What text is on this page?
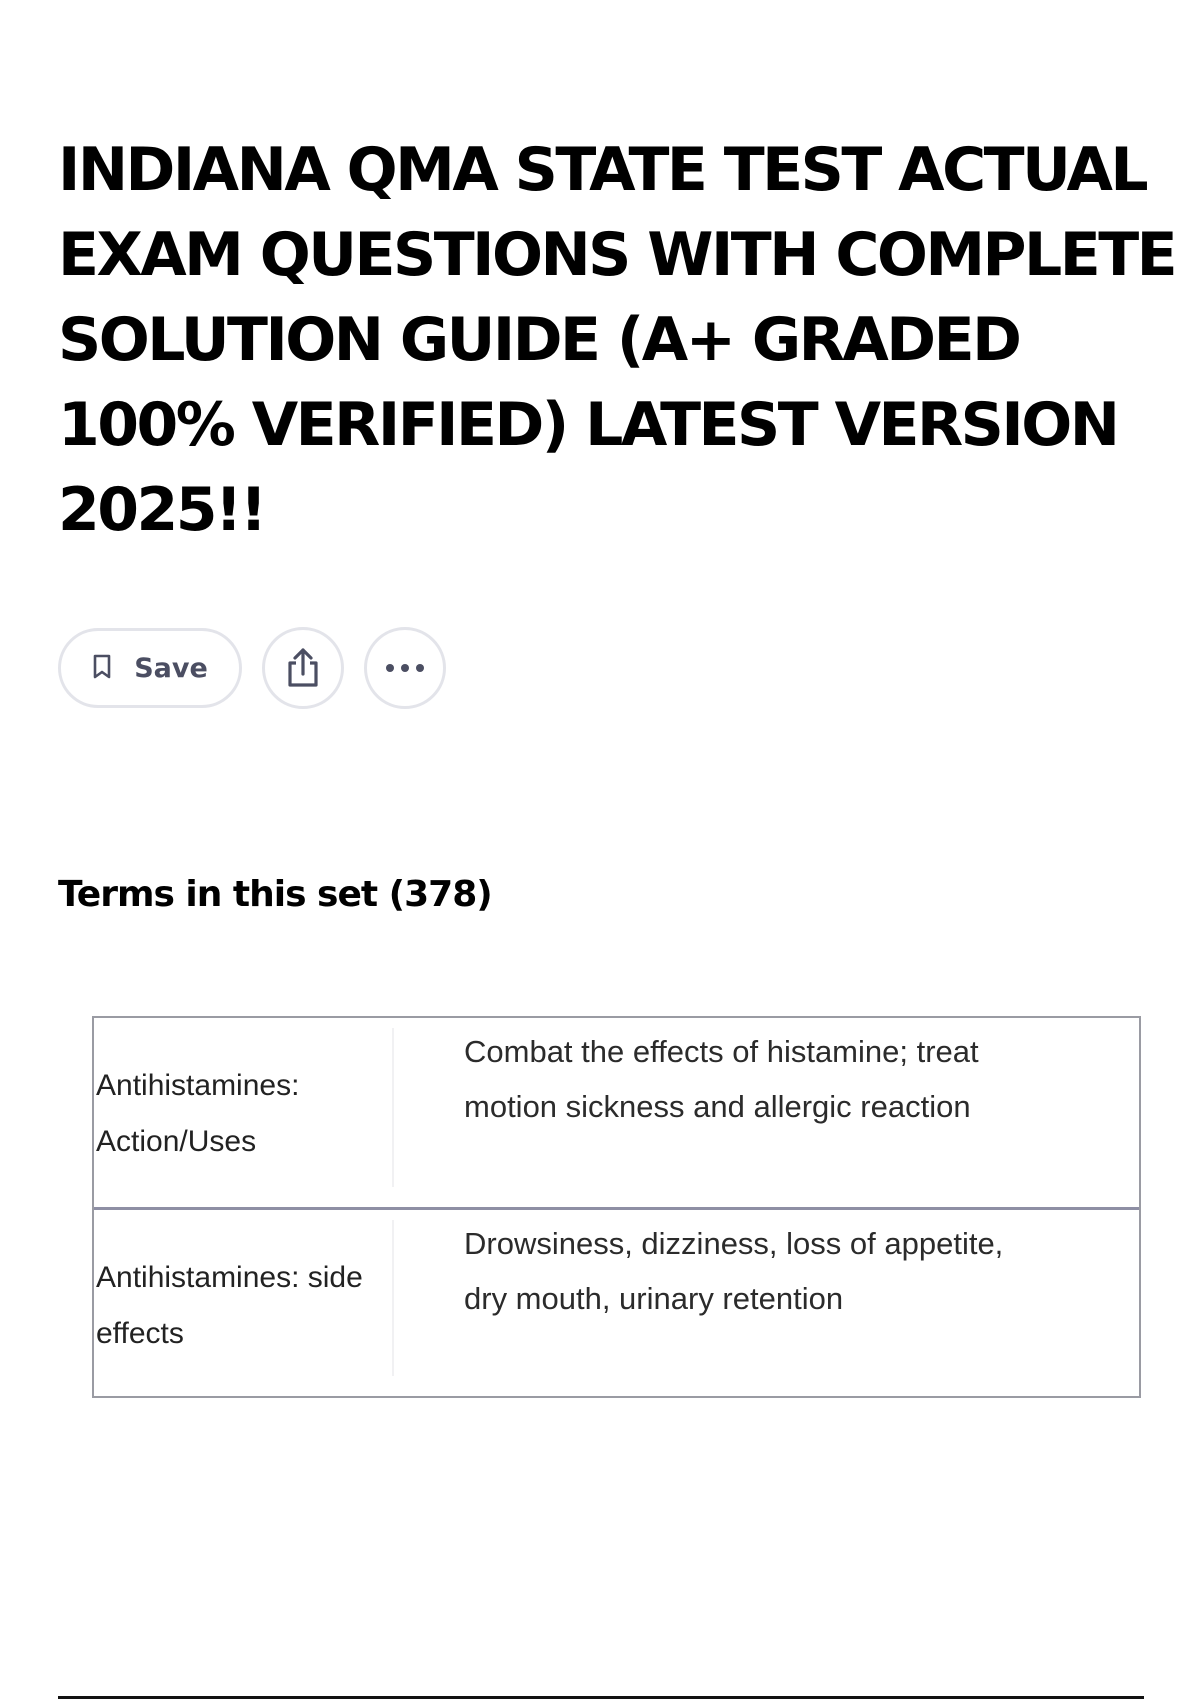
INDIANA QMA STATE TEST ACTUAL EXAM QUESTIONS WITH COMPLETE SOLUTION GUIDE (A+ GRADED 100% VERIFIED) LATEST VERSION 2025!!
Save
Terms in this set (378)
Antihistamines: Action/Uses
Combat the effects of histamine; treat motion sickness and allergic reaction
Antihistamines: side effects
Drowsiness, dizziness, loss of appetite, dry mouth, urinary retention
